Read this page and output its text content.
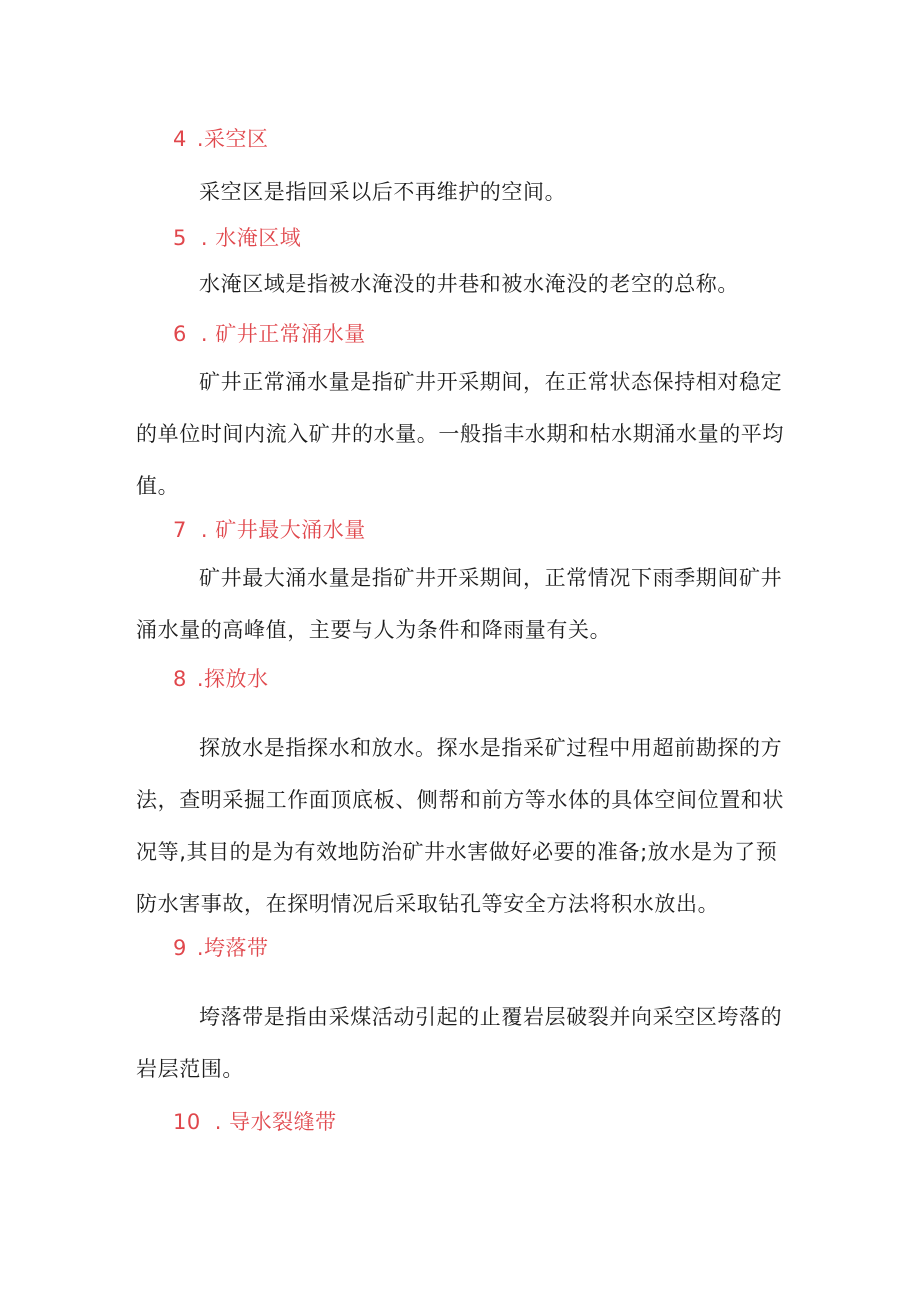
4 .采空区
采空区是指回采以后不再维护的空间。
5 . 水淹区域
水淹区域是指被水淹没的井巷和被水淹没的老空的总称。
6 . 矿井正常涌水量
矿井正常涌水量是指矿井开采期间，在正常状态保持相对稳定的单位时间内流入矿井的水量。一般指丰水期和枯水期涌水量的平均值。
7 . 矿井最大涌水量
矿井最大涌水量是指矿井开采期间，正常情况下雨季期间矿井涌水量的高峰值，主要与人为条件和降雨量有关。
8 .探放水
探放水是指探水和放水。探水是指采矿过程中用超前勘探的方法，查明采掘工作面顶底板、侧帮和前方等水体的具体空间位置和状况等,其目的是为有效地防治矿井水害做好必要的准备;放水是为了预防水害事故，在探明情况后采取钻孔等安全方法将积水放出。
9 .垮落带
垮落带是指由采煤活动引起的止覆岩层破裂并向采空区垮落的岩层范围。
10 . 导水裂缝带
